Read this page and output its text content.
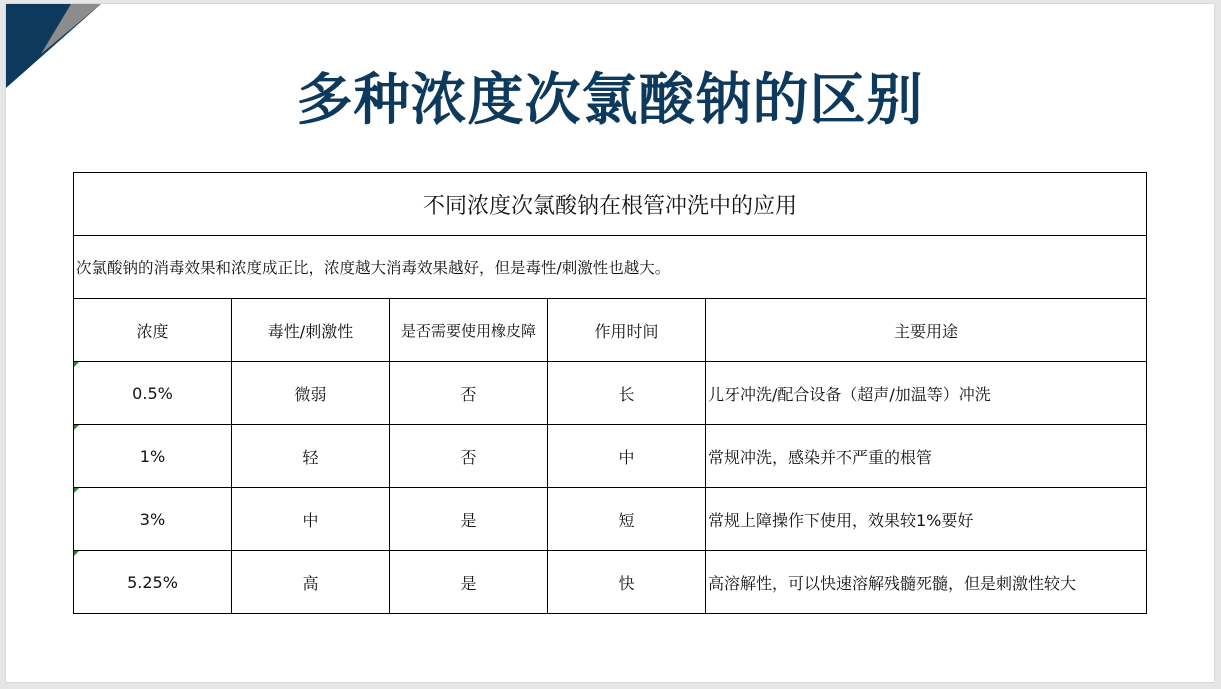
多种浓度次氯酸钠的区别
不同浓度次氯酸钠在根管冲洗中的应用				
次氯酸钠的消毒效果和浓度成正比，浓度越大消毒效果越好，但是毒性/刺激性也越大。				
浓度	毒性/刺激性	是否需要使用橡皮障	作用时间	主要用途
0.5%	微弱	否	长	儿牙冲洗/配合设备（超声/加温等）冲洗
1%	轻	否	中	常规冲洗，感染并不严重的根管
3%	中	是	短	常规上障操作下使用，效果较1%要好
5.25%	高	是	快	高溶解性，可以快速溶解残髓死髓，但是刺激性较大
